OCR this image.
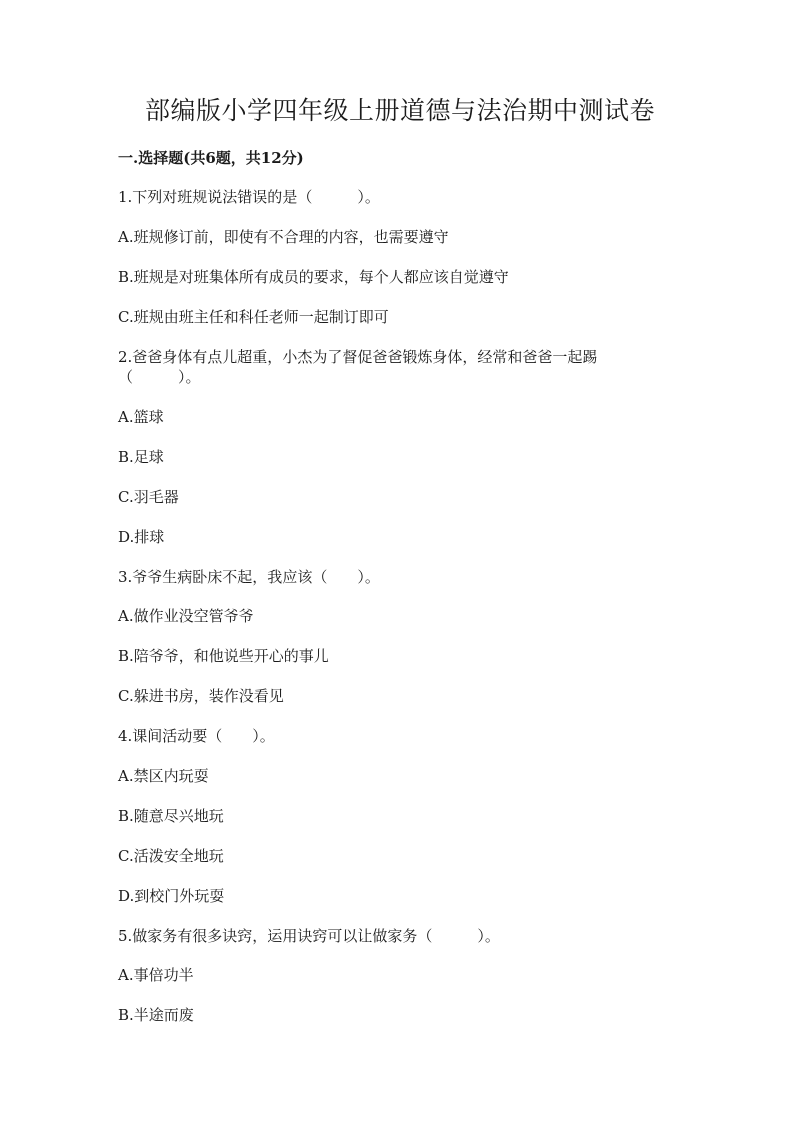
部编版小学四年级上册道德与法治期中测试卷
一.选择题(共6题，共12分)
1.下列对班规说法错误的是（　　　）。
A.班规修订前，即使有不合理的内容，也需要遵守
B.班规是对班集体所有成员的要求，每个人都应该自觉遵守
C.班规由班主任和科任老师一起制订即可
2.爸爸身体有点儿超重，小杰为了督促爸爸锻炼身体，经常和爸爸一起踢
（　　　）。
A.篮球
B.足球
C.羽毛器
D.排球
3.爷爷生病卧床不起，我应该（　　）。
A.做作业没空管爷爷
B.陪爷爷，和他说些开心的事儿
C.躲进书房，装作没看见
4.课间活动要（　　）。
A.禁区内玩耍
B.随意尽兴地玩
C.活泼安全地玩
D.到校门外玩耍
5.做家务有很多诀窍，运用诀窍可以让做家务（　　　）。
A.事倍功半
B.半途而废
